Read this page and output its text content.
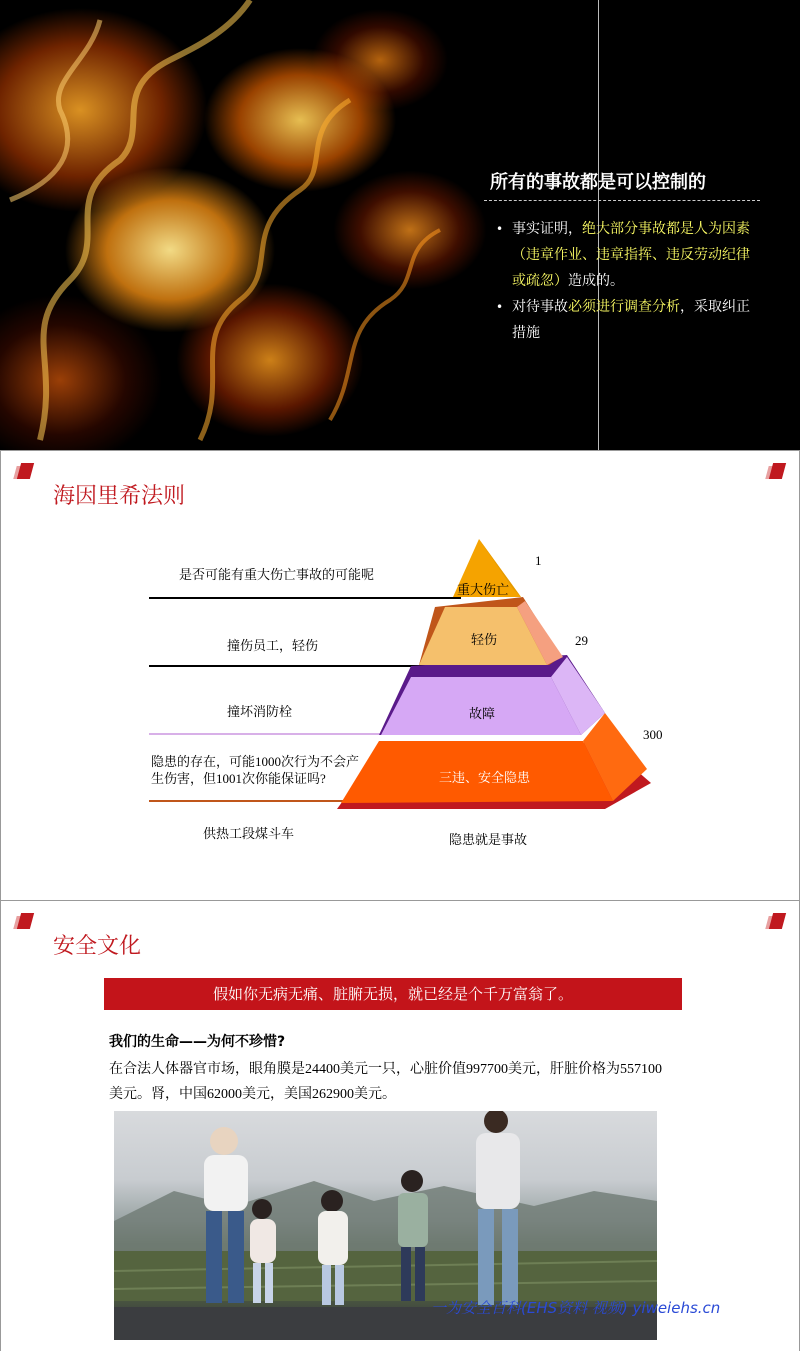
所有的事故都是可以控制的
• 事实证明，绝大部分事故都是人为因素（违章作业、违章指挥、违反劳动纪律或疏忽）造成的。
• 对待事故必须进行调查分析，采取纠正措施
海因里希法则
是否可能有重大伤亡事故的可能呢
撞伤员工，轻伤
撞坏消防栓
隐患的存在，可能1000次行为不会产生伤害，但1001次你能保证吗?
供热工段煤斗车
重大伤亡
1
轻伤	29
故障
三违、安全隐患
300
隐患就是事故
安全文化
假如你无病无痛、脏腑无损，就已经是个千万富翁了。
我们的生命——为何不珍惜?
在合法人体器官市场，眼角膜是24400美元一只，心脏价值997700美元，肝脏价格为557100美元。肾，中国62000美元，美国262900美元。
一为安全百科(EHS资料 视频) yiweiehs.cn
